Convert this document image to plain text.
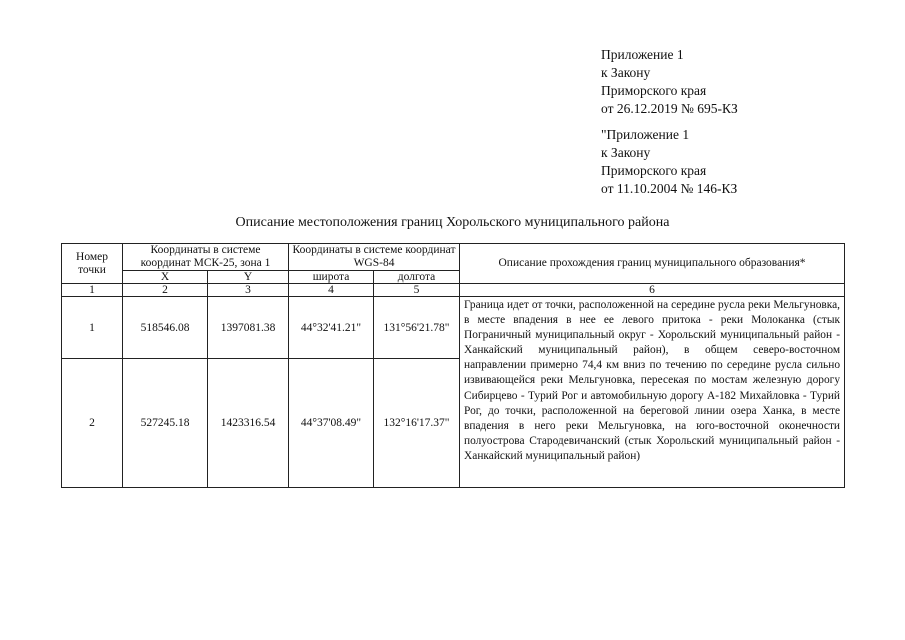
Приложение 1
к Закону
Приморского края
от 26.12.2019 № 695-КЗ
"Приложение 1
к Закону
Приморского края
от 11.10.2004 № 146-КЗ
Описание местоположения границ Хорольского муниципального района
Номер точки	Координаты в системе координат МСК-25, зона 1		Координаты в системе координат WGS-84		Описание прохождения границ муниципального образования*
	X	Y	широта	долгота	
1	2	3	4	5	6
1	518546.08	1397081.38	44°32'41.21"	131°56'21.78"	Граница идет от точки, расположенной на середине русла реки Мельгуновка, в месте впадения в нее ее левого притока - реки Молоканка (стык Пограничный муниципальный округ - Хорольский муниципальный район - Ханкайский муниципальный район), в общем северо-восточном направлении примерно 74,4 км вниз по течению по середине русла сильно извивающейся реки Мельгуновка, пересекая по мостам железную дорогу Сибирцево - Турий Рог и автомобильную дорогу А-182 Михайловка - Турий Рог, до точки, расположенной на береговой линии озера Ханка, в месте впадения в него реки Мельгуновка, на юго-восточной оконечности полуострова Стародевичанский (стык Хорольский муниципальный район - Ханкайский муниципальный район)
2	527245.18	1423316.54	44°37'08.49"	132°16'17.37"	
